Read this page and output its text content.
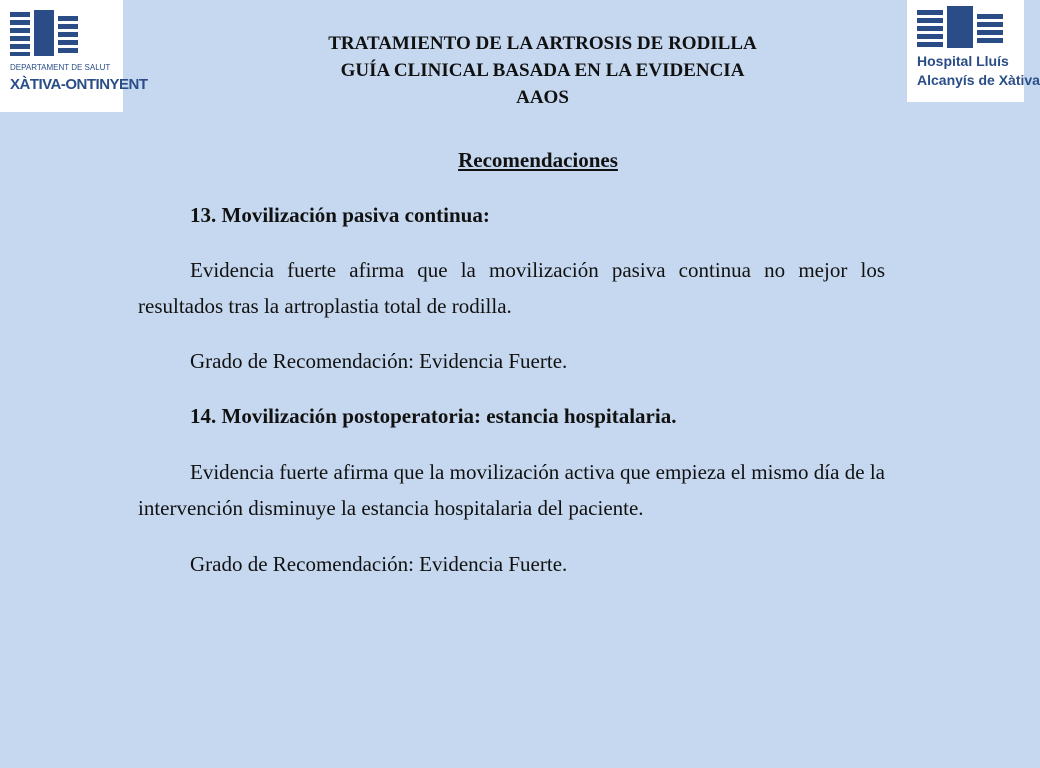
DEPARTAMENT DE SALUT
XÀTIVA-ONTINYENT
Hospital Lluís
Alcanyís de Xàtiva
TRATAMIENTO DE LA ARTROSIS DE RODILLA
GUÍA CLINICAL BASADA EN LA EVIDENCIA
AAOS
Recomendaciones
13. Movilización pasiva continua:
Evidencia fuerte afirma que la movilización pasiva continua no mejor los resultados tras la artroplastia total de rodilla.
Grado de Recomendación: Evidencia Fuerte.
14. Movilización postoperatoria: estancia hospitalaria.
Evidencia fuerte afirma que la movilización activa que empieza el mismo día de la intervención disminuye la estancia hospitalaria del paciente.
Grado de Recomendación: Evidencia Fuerte.
